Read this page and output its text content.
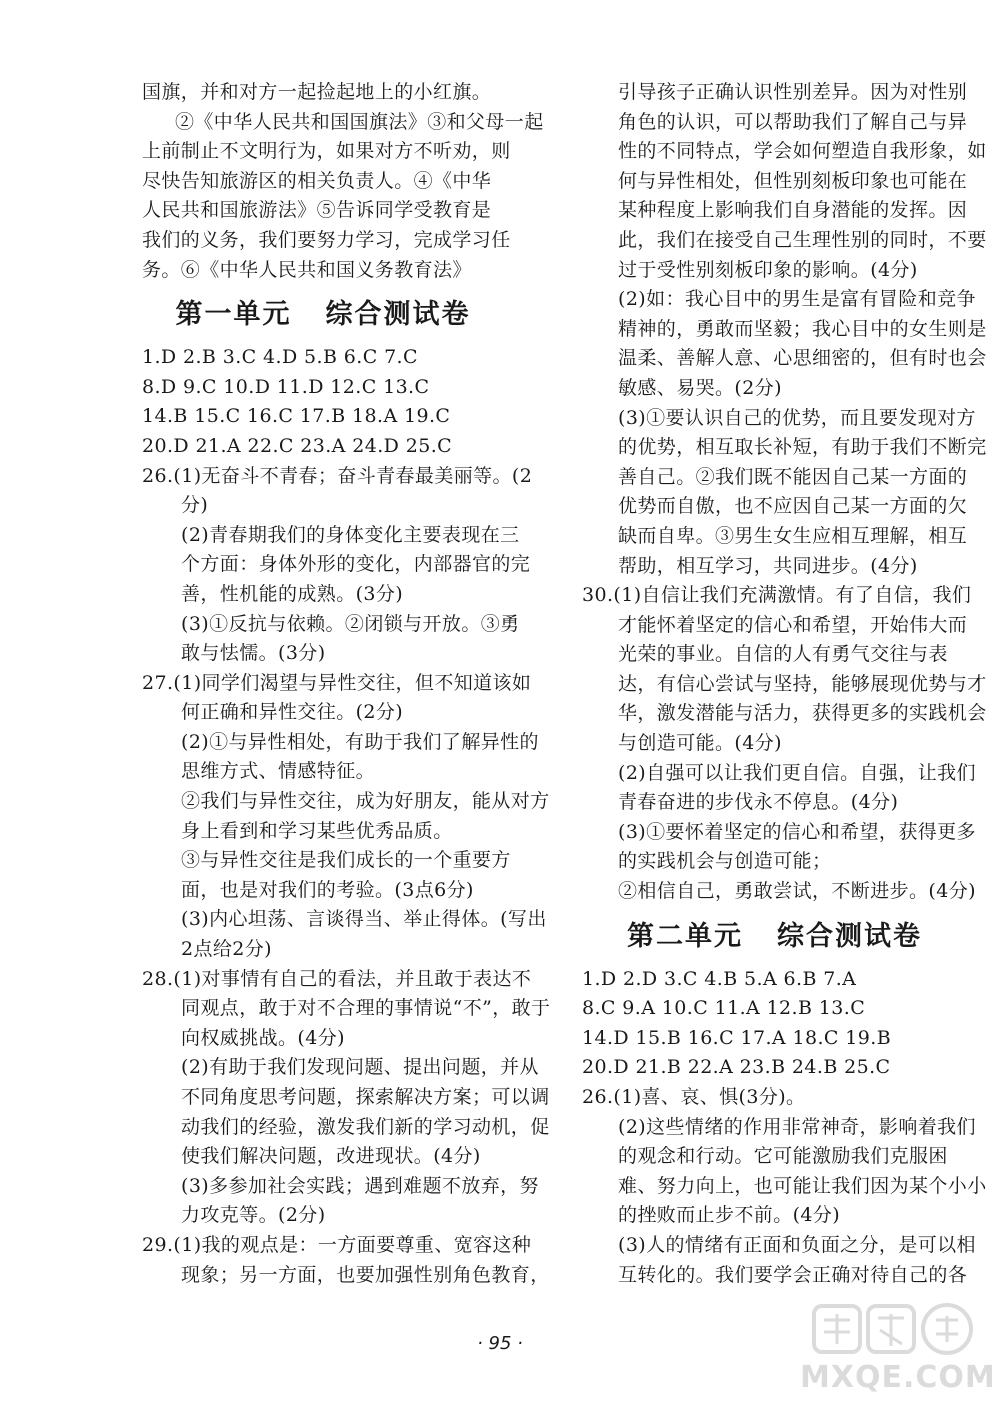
国旗，并和对方一起捡起地上的小红旗。
②《中华人民共和国国旗法》③和父母一起
上前制止不文明行为，如果对方不听劝，则
尽快告知旅游区的相关负责人。④《中华
人民共和国旅游法》⑤告诉同学受教育是
我们的义务，我们要努力学习，完成学习任
务。⑥《中华人民共和国义务教育法》
第一单元 综合测试卷
1.D 2.B 3.C 4.D 5.B 6.C 7.C
8.D 9.C 10.D 11.D 12.C 13.C
14.B 15.C 16.C 17.B 18.A 19.C
20.D 21.A 22.C 23.A 24.D 25.C
26.(1)无奋斗不青春；奋斗青春最美丽等。(2
分)
(2)青春期我们的身体变化主要表现在三
个方面：身体外形的变化，内部器官的完
善，性机能的成熟。(3分)
(3)①反抗与依赖。②闭锁与开放。③勇
敢与怯懦。(3分)
27.(1)同学们渴望与异性交往，但不知道该如
何正确和异性交往。(2分)
(2)①与异性相处，有助于我们了解异性的
思维方式、情感特征。
②我们与异性交往，成为好朋友，能从对方
身上看到和学习某些优秀品质。
③与异性交往是我们成长的一个重要方
面，也是对我们的考验。(3点6分)
(3)内心坦荡、言谈得当、举止得体。(写出
2点给2分)
28.(1)对事情有自己的看法，并且敢于表达不
同观点，敢于对不合理的事情说“不”，敢于
向权威挑战。(4分)
(2)有助于我们发现问题、提出问题，并从
不同角度思考问题，探索解决方案；可以调
动我们的经验，激发我们新的学习动机，促
使我们解决问题，改进现状。(4分)
(3)多参加社会实践；遇到难题不放弃，努
力攻克等。(2分)
29.(1)我的观点是：一方面要尊重、宽容这种
现象；另一方面，也要加强性别角色教育，
引导孩子正确认识性别差异。因为对性别
角色的认识，可以帮助我们了解自己与异
性的不同特点，学会如何塑造自我形象，如
何与异性相处，但性别刻板印象也可能在
某种程度上影响我们自身潜能的发挥。因
此，我们在接受自己生理性别的同时，不要
过于受性别刻板印象的影响。(4分)
(2)如：我心目中的男生是富有冒险和竞争
精神的，勇敢而坚毅；我心目中的女生则是
温柔、善解人意、心思细密的，但有时也会
敏感、易哭。(2分)
(3)①要认识自己的优势，而且要发现对方
的优势，相互取长补短，有助于我们不断完
善自己。②我们既不能因自己某一方面的
优势而自傲，也不应因自己某一方面的欠
缺而自卑。③男生女生应相互理解，相互
帮助，相互学习，共同进步。(4分)
30.(1)自信让我们充满激情。有了自信，我们
才能怀着坚定的信心和希望，开始伟大而
光荣的事业。自信的人有勇气交往与表
达，有信心尝试与坚持，能够展现优势与才
华，激发潜能与活力，获得更多的实践机会
与创造可能。(4分)
(2)自强可以让我们更自信。自强，让我们
青春奋进的步伐永不停息。(4分)
(3)①要怀着坚定的信心和希望，获得更多
的实践机会与创造可能；
②相信自己，勇敢尝试，不断进步。(4分)
第二单元 综合测试卷
1.D 2.D 3.C 4.B 5.A 6.B 7.A
8.C 9.A 10.C 11.A 12.B 13.C
14.D 15.B 16.C 17.A 18.C 19.B
20.D 21.B 22.A 23.B 24.B 25.C
26.(1)喜、哀、惧(3分)。
(2)这些情绪的作用非常神奇，影响着我们
的观念和行动。它可能激励我们克服困
难、努力向上，也可能让我们因为某个小小
的挫败而止步不前。(4分)
(3)人的情绪有正面和负面之分，是可以相
互转化的。我们要学会正确对待自己的各
· 95 ·
MXQE.COM
